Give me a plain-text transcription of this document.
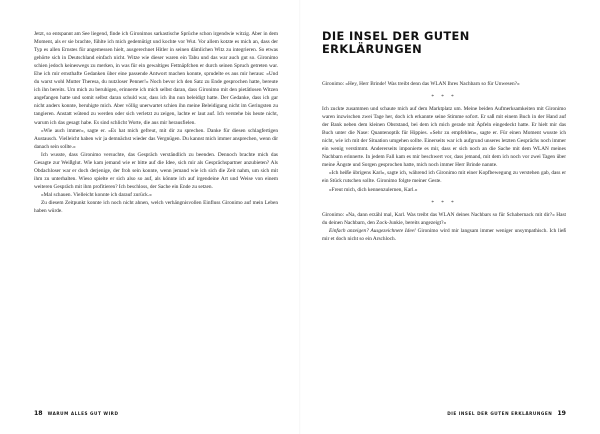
Jetzt, so entspannt am See liegend, finde ich Gironimos sarkastische Sprüche schon irgendwie witzig. Aber in dem Moment, als er sie brachte, fühlte ich mich gedemütigt und kochte vor Wut. Vor allem kotzte es mich an, dass der Typ es allen Ernstes für angemessen hielt, ausgerechnet Hitler in seinen dämlichen Witz zu integrieren. So etwas gehörte sich in Deutschland einfach nicht. Witze wie dieser waren ein Tabu und das war auch gut so. Gironimo schien jedoch keineswegs zu merken, in was für ein gewaltiges Fettnäpfchen er durch seinen Spruch getreten war. Ehe ich mir ernsthafte Gedanken über eine passende Antwort machen konnte, sprudelte es aus mir heraus: »Und du warst wohl Mutter Theresa, du nutzloser Penner!« Noch bevor ich den Satz zu Ende gesprochen hatte, bereute ich ihn bereits. Um mich zu beruhigen, erinnerte ich mich selbst daran, dass Gironimo mit den pietätlosen Witzen angefangen hatte und somit selbst daran schuld war, dass ich ihn nun beleidigt hatte. Der Gedanke, dass ich gar nicht anders konnte, beruhigte mich. Aber völlig unerwartet schien ihn meine Beleidigung nicht im Geringsten zu tangieren. Anstatt wütend zu werden oder sich verletzt zu zeigen, lachte er laut auf. Ich verstehe bis heute nicht, warum ich das gesagt habe. Es sind schlicht Worte, die aus mir herausfielen.

»Wie auch immer«, sagte er. »Es hat mich gefreut, mit dir zu sprechen. Danke für diesen schlagfertigen Austausch. Vielleicht haben wir ja demnächst wieder das Vergnügen. Du kannst mich immer ansprechen, wenn dir danach sein sollte.«

Ich wusste, dass Gironimo versuchte, das Gespräch verständlich zu beenden. Dennoch brachte mich das Gesagte zur Weißglut. Wie kam jemand wie er bitte auf die Idee, sich mir als Gesprächspartner anzubieten? Als Obdachloser war er doch derjenige, der froh sein konnte, wenn jemand wie ich sich die Zeit nahm, um sich mit ihm zu unterhalten. Wieso spielte er sich also so auf, als könnte ich auf irgendeine Art und Weise von einem weiteren Gespräch mit ihm profitieren? Ich beschloss, der Sache ein Ende zu setzen.

»Mal schauen. Vielleicht konnte ich darauf zurück.«

Zu diesem Zeitpunkt konnte ich noch nicht ahnen, welch verhängnisvollen Einfluss Gironimo auf mein Leben haben würde.

18 WARUM ALLES GUT WIRD
DIE INSEL DER GUTEN ERKLÄRUNGEN

Gironimo: »Hey, Herr Brinde! Was treibt denn das WLAN Ihres Nachbarn so für Unwesen?«

* * *

Ich zuckte zusammen und schaute mich auf dem Marktplatz um. Meine beiden Aufmerksamkeiten mit Gironimo waren inzwischen zwei Tage her, doch ich erkannte seine Stimme sofort. Er saß mit einem Buch in der Hand auf der Bank neben dem kleinen Obststand, bei dem ich mich gerade mit Äpfeln eingedeckt hatte. Er hielt mir das Buch unter die Nase: Quantenoptik für Hippies. »Sehr zu empfehlen«, sagte er. Für einen Moment wusste ich nicht, wie ich mit der Situation umgehen sollte. Einerseits war ich aufgrund unseres letzten Gesprächs noch immer ein wenig verstimmt. Andererseits imponierte es mir, dass er sich noch an die Sache mit dem WLAN meines Nachbarn erinnerte. In jedem Fall kam es mir beschwert vor, dass jemand, mit dem ich noch vor zwei Tagen über meine Ängste und Sorgen gesprochen hatte, mich noch immer Herr Brinde nannte.

»Ich heiße übrigens Karl«, sagte ich, während ich Gironimo mit einer Kopfbewegung zu verstehen gab, dass er ein Stück rutschen sollte. Gironimo folgte meiner Geste.

»Freut mich, dich kennenzulernen, Karl.«

* * *

Gironimo: »Na, dann erzähl mal, Karl. Was treibt das WLAN deines Nachbars so für Schabernack mit dir?« Hast du deinen Nachbarn, den Zock-Junkie, bereits angezeigt?«

Einfach anzeigen? Ausgezeichnete Idee! Gironimo wird mir langsam immer weniger unsympathisch. Ich ließ mir et doch nicht so ein Arschloch.

DIE INSEL DER GUTEN ERKLÄRUNGEN 19
